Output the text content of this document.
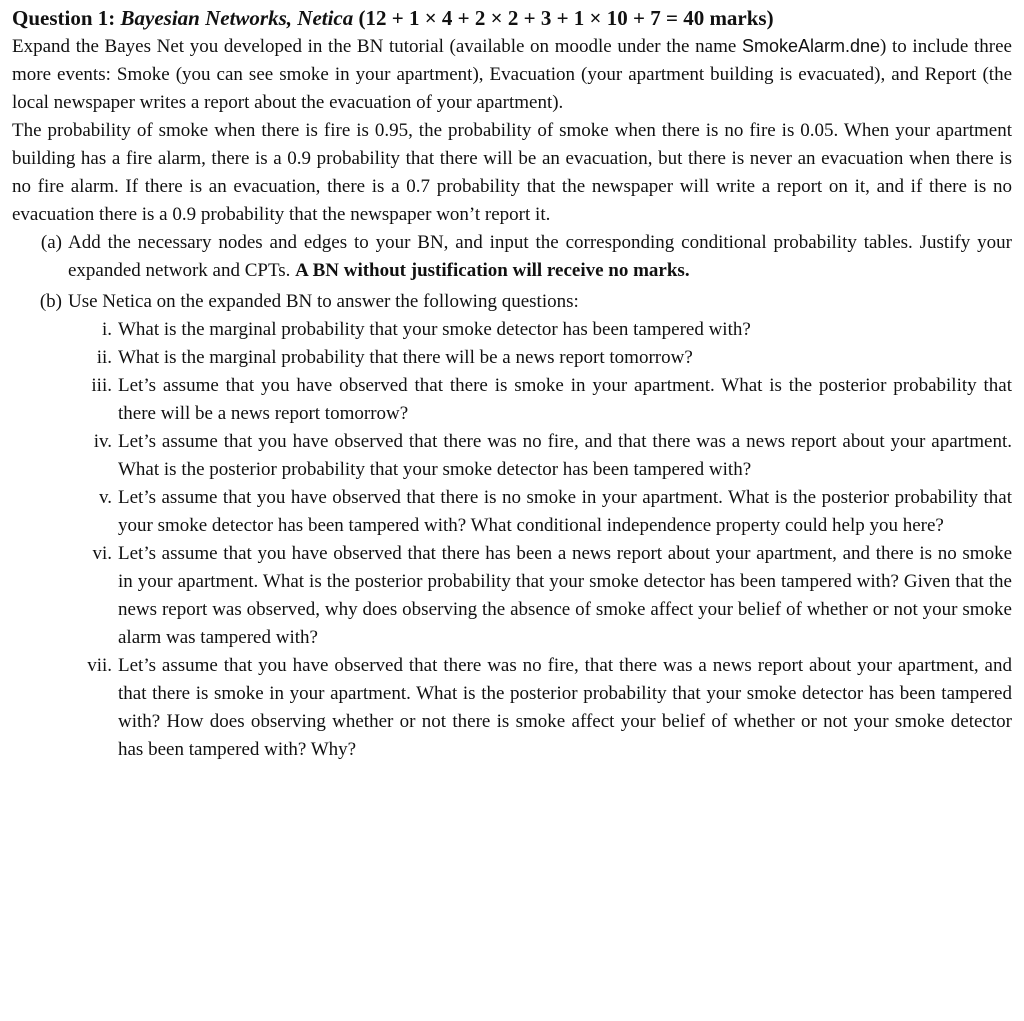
Question 1: Bayesian Networks, Netica (12 + 1 × 4 + 2 × 2 + 3 + 1 × 10 + 7 = 40 marks)

Expand the Bayes Net you developed in the BN tutorial (available on moodle under the name SmokeAlarm.dne) to include three more events: Smoke (you can see smoke in your apartment), Evacuation (your apartment building is evacuated), and Report (the local newspaper writes a report about the evacuation of your apartment).

The probability of smoke when there is fire is 0.95, the probability of smoke when there is no fire is 0.05. When your apartment building has a fire alarm, there is a 0.9 probability that there will be an evacuation, but there is never an evacuation when there is no fire alarm. If there is an evacuation, there is a 0.7 probability that the newspaper will write a report on it, and if there is no evacuation there is a 0.9 probability that the newspaper won’t report it.

(a) Add the necessary nodes and edges to your BN, and input the corresponding conditional probability tables. Justify your expanded network and CPTs. A BN without justification will receive no marks.
(b) Use Netica on the expanded BN to answer the following questions:
i. What is the marginal probability that your smoke detector has been tampered with?
ii. What is the marginal probability that there will be a news report tomorrow?
iii. Let’s assume that you have observed that there is smoke in your apartment. What is the posterior probability that there will be a news report tomorrow?
iv. Let’s assume that you have observed that there was no fire, and that there was a news report about your apartment. What is the posterior probability that your smoke detector has been tampered with?
v. Let’s assume that you have observed that there is no smoke in your apartment. What is the posterior probability that your smoke detector has been tampered with? What conditional independence property could help you here?
vi. Let’s assume that you have observed that there has been a news report about your apartment, and there is no smoke in your apartment. What is the posterior probability that your smoke detector has been tampered with? Given that the news report was observed, why does observing the absence of smoke affect your belief of whether or not your smoke alarm was tampered with?
vii. Let’s assume that you have observed that there was no fire, that there was a news report about your apartment, and that there is smoke in your apartment. What is the posterior probability that your smoke detector has been tampered with? How does observing whether or not there is smoke affect your belief of whether or not your smoke detector has been tampered with? Why?
